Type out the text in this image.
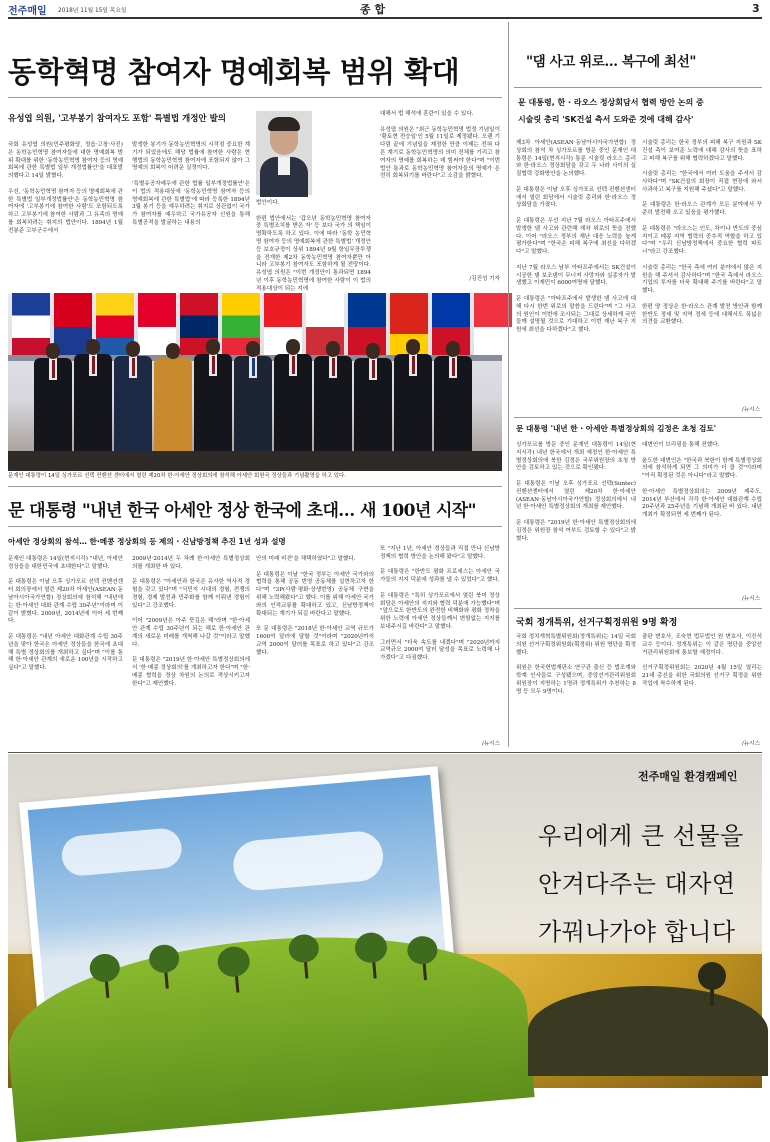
전주매일 2018년 11월 15일 목요일	종 합	3
동학혁명 참여자 명예회복 범위 확대
유성엽 의원, '고부봉기 참여자도 포함' 특별법 개정안 발의
국회 유성엽 의원(민주평화당, 정읍·고창·사진)은 동학농민혁명 참여자들에 대한 명예회복 범위 확대를 위한 '동학농민혁명 참여자 등의 명예회복에 관한 특별법 일부 개정법률안'을 대표발의했다고 14일 밝혔다.

우선, '동학농민혁명 참여자 등의 명예회복에 관한 특별법 일부개정법률안'은 동학농민혁명 참여자에 '고부봉기에 참여한 사람'도 포함되도록 하고 고부봉기에 참여한 사람과 그 유족의 명예를 회복하려는 취지의 법안이다. 1894년 1월 전봉준 고부군수에서
발생한 봉기가 동학농민혁명의 시작점 중요한 계기가 되었음에도 해당 법률에 참여한 사람은 현행법의 동학농민혁명 참여자에 포함되지 않아 그 명예의 회복이 어려운 실정이다.

'특별유공자예우에 관한 법률 일부개정법률안'은 이 법의 적용대상에 '동학농민혁명 참여자 등의 명예회복에 관한 특별법'에 따라 등록한 1894년 3월 봉기 등을 예우하려는 취지로 상관없이 국가가 참여자를 예우하고 국가유공자 신원을 통해 특별공적을 발굴하는 내용의
법안이다.

한편 법안에서는 '갑오년 동학농민혁명 참여자 중 특별조치를 받은 자' 등 보다 국가 의 책임이 명확하도록 하고 있다. 이에 따라 '동학 농민혁명 참여자 등의 명예회복에 관한 특별법' 개정안 등 보호규정이 상위 1894년 9월 항일무장투쟁을 전개한 제2차 동학농민혁명 참여자뿐만 아니라 고부봉기 참여자도 포함하게 될 전망이다. 유성엽 의원은 "이번 개정안이 통과되면 1894년 이후 동학농민혁명에 참여한 사람이 이 법의 적용대상이 되는 지에
대해서 법 해석에 혼란이 있을 수 있다.

유성엽 의원은 "최근 동학농민혁명 법정 기념일이 '황토현 전승일'인 5월 11일로 제정됐다. 오랜 기다림 끝에 기념일을 제정한 만큼 이제는 전혀 다른 계기로 동학농민혁명의 의미 전체를 기리고 참여자의 명예를 회복하는 데 힘써야 한다"며 "이번 법안 통과로 동학농민혁명 참여자들의 명예가 온전히 회복되기를 바란다"고 소감을 밝혔다.
/김진성 기자
문재인 대통령이 14일 싱가포르 선텍 컨벤션 센터에서 열린 제20차 한·아세안 정상회의에 참석해 아세안 회원국 정상들과 기념촬영을 하고 있다.
문 대통령 "내년 한국 아세안 정상 한국에 초대… 새 100년 시작"
아세안 정상회의 참석… 한·메콩 정상회의 등 제의 · 신남방정책 추진 1년 성과 설명
문재인 대통령은 14일(현지시각) "내년, 아세안 정상들을 대한민국에 초대한다"고 말했다.

문 대통령은 이날 오후 싱가포르 선텍 컨벤션센터 회의장에서 열린 제20차 아세안(ASEAN·동남아시아국가연합) 정상회의에 참석해 "내년에는 한·아세안 대화 관계 수립 30주년"이라며 이같이 밝혔다. 2009년, 2014년에 이어 세 번째다.

문 대통령은 "내년 아세안 대화관계 수립 30주년을 맞아 한국은 아세안 정상들을 한국에 초대해 특별 정상회의를 개최하고 싶다"며 "이를 통해 한·아세안 관계의 새로운 100년을 시작하고 싶다"고 말했다.
2009년·2014년 두 차례 한·아세안 특별정상회의를 개최한 바 있다.

문 대통령은 "아세안과 한국은 유사한 역사적 경험을 갖고 있다"며 "식민지 시대의 경험, 전쟁의 경험, 경제 발전과 민주화를 함께 이뤄낸 경험이 있다"고 강조했다.

이어 "2009년은 아주 뜻깊은 해"라며 "한·아세안 관계 수립 30주년이 되는 해로 한·아세안 관계의 새로운 미래를 개척해 나갈 것"이라고 말했다.

문 대통령은 "2019년 한·아세안 특별정상회의에서 '한·메콩 정상회의'를 개최하고자 한다"며 "한·메콩 협력을 정상 차원의 논의로 격상시키고자 한다"고 제안했다.
안의 미래 비전'을 채택하였다"고 말했다.

문 대통령은 이날 "한국 정부는 아세안 국가와의 협력을 통해 공동 번영 공동체를 실현하고자 한다"며 "3P(사람·평화·상생번영) 공동체 구현을 위해 노력해왔다"고 했다. 이를 위해 아세안 국가와의 인적교류를 확대하고 있고, 신남방정책이 확대되는 계기가 되길 바란다고 말했다.

또 문 대통령은 "2018년 한·아세안 교역 규모가 1600억 달러에 달할 것"이라며 "2020년까지 교역 2000억 달러를 목표로 하고 있다"고 강조했다.
또 "지난 1년, 아세안 정상들과 직접 만나 신남방정책의 협력 방안을 논의해 왔다"고 말했다.

문 대통령은 "한반도 평화 프로세스는 아세안 국가들의 지지 덕분에 성과를 낼 수 있었다"고 했다.

문 대통령은 "특히 싱가포르에서 열린 북미 정상회담은 아세안의 지지와 협력 덕분에 가능했다"며 "앞으로도 한반도의 완전한 비핵화와 평화 정착을 위한 노력에 아세안 정상들께서 변함없는 지지를 보내주시길 바란다"고 말했다.

그러면서 "더욱 속도를 내겠다"며 "2020년까지 교역규모 2000억 달러 달성을 목표로 노력해 나가겠다"고 다짐했다.
/뉴시스
"댐 사고 위로… 복구에 최선"
문 대통령, 한 · 라오스 정상회담서 협력 방안 논의 중
시술릿 총리 'SK건설 측서 도와준 것에 대해 감사'
제3차 아세안(ASEAN·동남아시아국가연합) 정상회의 참석 차 싱가포르를 방문 중인 문재인 대통령은 14일(현지시각) 통룬 시술릿 라오스 총리와 한·라오스 정상회담을 갖고 두 나라 사이의 실질협력 강화방안을 논의했다.

문 대통령은 이날 오후 싱가포르 선텍 컨벤션센터에서 열린 회담에서 시술릿 총리와 한·라오스 정상회담을 가졌다.

문 대통령은 우선 지난 7월 라오스 아타프주에서 발생한 댐 사고와 관련해 재차 위로의 뜻을 전했다. 이어 "라오스 정부의 재난 대응 노력을 높게 평가한다"며 "한국은 피해 복구에 최선을 다하겠다"고 말했다.

지난 7월 라오스 남부 아타프주에서는 SK건설이 시공한 댐 보조댐이 무너져 사망자와 실종자가 발생했고 이재민이 6000여명에 달했다.

문 대통령은 "아타프주에서 발생한 댐 사고에 대해 다시 한번 위로의 말씀을 드린다"며 "그 사고의 원인이 이번에 조사되는 그대로 상세하게 국민들께 설명될 것으로 기대하고 이번 재난 복구 지원에 최선을 다하겠다"고 했다.
시술릿 총리는 한국 정부의 피해 복구 지원과 SK건설 측이 보여준 노력에 대해 감사의 뜻을 표하고 피해 복구를 위해 협력하겠다고 말했다.

시술릿 총리는 "한국에서 여러 도움을 주셔서 감사하다"며 "SK건설의 회장이 직접 현장에 와서 사과하고 복구를 지원해 주셨다"고 말했다.

문 대통령은 한·라오스 관계가 모든 분야에서 꾸준히 발전해 오고 있음을 평가했다.

문 대통령은 "라오스는 인도, 차이나 반도의 중심지이고 메콩 지역 협력의 중추적 역할을 하고 있다"며 "우리 신남방정책에서 중요한 협력 파트너"라고 강조했다.

시술릿 총리는 "한국 측에 여러 분야에서 많은 지원을 해 주셔서 감사하다"며 "한국 측에서 라오스 기업의 투자를 더욱 확대해 주기를 바란다"고 말했다.

한편 양 정상은 한·라오스 관계 발전 방안과 함께 한반도 정세 및 지역 정세 등에 대해서도 폭넓은 의견을 교환했다.
/뉴시스
문 대통령 '내년 한 · 아세안 특별정상회의 김정은 초청 검토'
싱가포르를 방문 중인 문재인 대통령이 14일(현지시각) 내년 한국에서 개최 예정인 한·아세안 특별정상회의에 북한 김정은 국무위원장의 초청 방안을 검토하고 있는 것으로 확인됐다.

문 대통령은 이날 오후 싱가포르 선텍(Suntec) 컨벤션센터에서 열린 제20차 한·아세안(ASEAN·동남아시아국가연합) 정상회의에서 내년 한·아세안 특별정상회의 개최를 제안했다.

문 대통령은 "2019년 한·아세안 특별정상회의에 김정은 위원장 참석 여부도 검토할 수 있다"고 밝혔다.
대변인이 브리핑을 통해 전했다.

윤도한 대변인은 "한국과 북한이 함께 특별정상회의에 참석하게 되면 그 의미가 더 클 것"이라며 "아직 확정된 것은 아니다"라고 말했다.

한·아세안 특별정상회의는 2009년 제주도, 2014년 부산에서 각각 한·아세안 대화관계 수립 20주년과 25주년을 기념해 개최된 바 있다. 내년 개최가 확정되면 세 번째가 된다.
/뉴시스
국회 정개특위, 선거구획정위원 9명 확정
국회 정치개혁특별위원회(정개특위)는 14일 국회의원 선거구획정위원회(획정위) 위원 명단을 확정했다.

위원은 한국헌법재판소 연구관 출신 등 법조계와 학계 인사들로 구성됐으며, 중앙선거관리위원회 위원장이 지명하는 1명과 정개특위가 추천하는 8명 등 모두 9명이다.
출판 변호사, 조숙현 법무법인 원 변호사, 이진석 교수 등이다. 정개특위는 이 같은 명단을 중앙선거관리위원회에 통보할 예정이다.

선거구획정위원회는 2020년 4월 15일 열리는 21대 총선을 위한 국회의원 선거구 획정을 위한 작업에 착수하게 된다.
/뉴시스
전주매일 환경캠페인
우리에게 큰 선물을
안겨다주는 대자연
가꿔나가야 합니다
